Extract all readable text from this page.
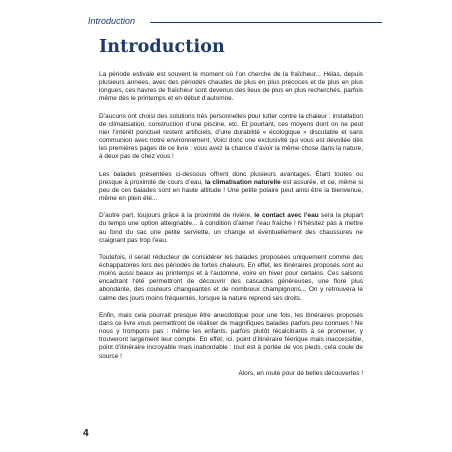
Introduction
Introduction

La période estivale est souvent le moment où l’on cherche de la fraîcheur... Hélas, depuis plusieurs années, avec des périodes chaudes de plus en plus précoces et de plus en plus longues, ces havres de fraîcheur sont devenus des lieux de plus en plus recherchés, parfois même dès le printemps et en début d’automne.

D’aucuns ont choisi des solutions très personnelles pour lutter contre la chaleur : installation de climatisation, construction d’une piscine, etc. Et pourtant, ces moyens dont on ne peut nier l’intérêt ponctuel restent artificiels, d’une durabilité « écologique » discutable et sans communion avec notre environnement. Voici donc une exclusivité qui vous est dévoilée dès les premières pages de ce livre : vous avez la chance d’avoir la même chose dans la nature, à deux pas de chez vous !

Les balades présentées ci-dessous offrent donc plusieurs avantages. Étant toutes ou presque à proximité de cours d’eau, la climatisation naturelle est assurée, et ce, même si peu de ces balades sont en haute altitude ! Une petite polaire peut ainsi être la bienvenue, même en plein été...

D’autre part, toujours grâce à la proximité de rivière, le contact avec l’eau sera la plupart du temps une option atteignable... à condition d’aimer l’eau fraîche ! N’hésitez pas à mettre au fond du sac une petite serviette, un change et éventuellement des chaussures ne craignant pas trop l’eau.

Toutefois, il serait réducteur de considérer les balades proposées uniquement comme des échappatoires lors des périodes de fortes chaleurs. En effet, les itinéraires proposés sont au moins aussi beaux au printemps et à l’automne, voire en hiver pour certains. Ces saisons encadrant l’été permettront de découvrir des cascades généreuses, une flore plus abondante, des couleurs changeantes et de nombreux champignons... On y retrouvera le calme des jours moins fréquentés, lorsque la nature reprend ses droits.

Enfin, mais cela pourrait presque être anecdotique pour une fois, les itinéraires proposés dans ce livre vous permettront de réaliser de magnifiques balades parfois peu connues ! Ne nous y trompons pas : même les enfants, parfois plutôt récalcitrants à se promener, y trouveront largement leur compte. En effet, ici, point d’itinéraire féerique mais inaccessible, point d’itinéraire incroyable mais inabordable : tout est à portée de vos pieds, cela coule de source !

Alors, en route pour de belles découvertes !

4
